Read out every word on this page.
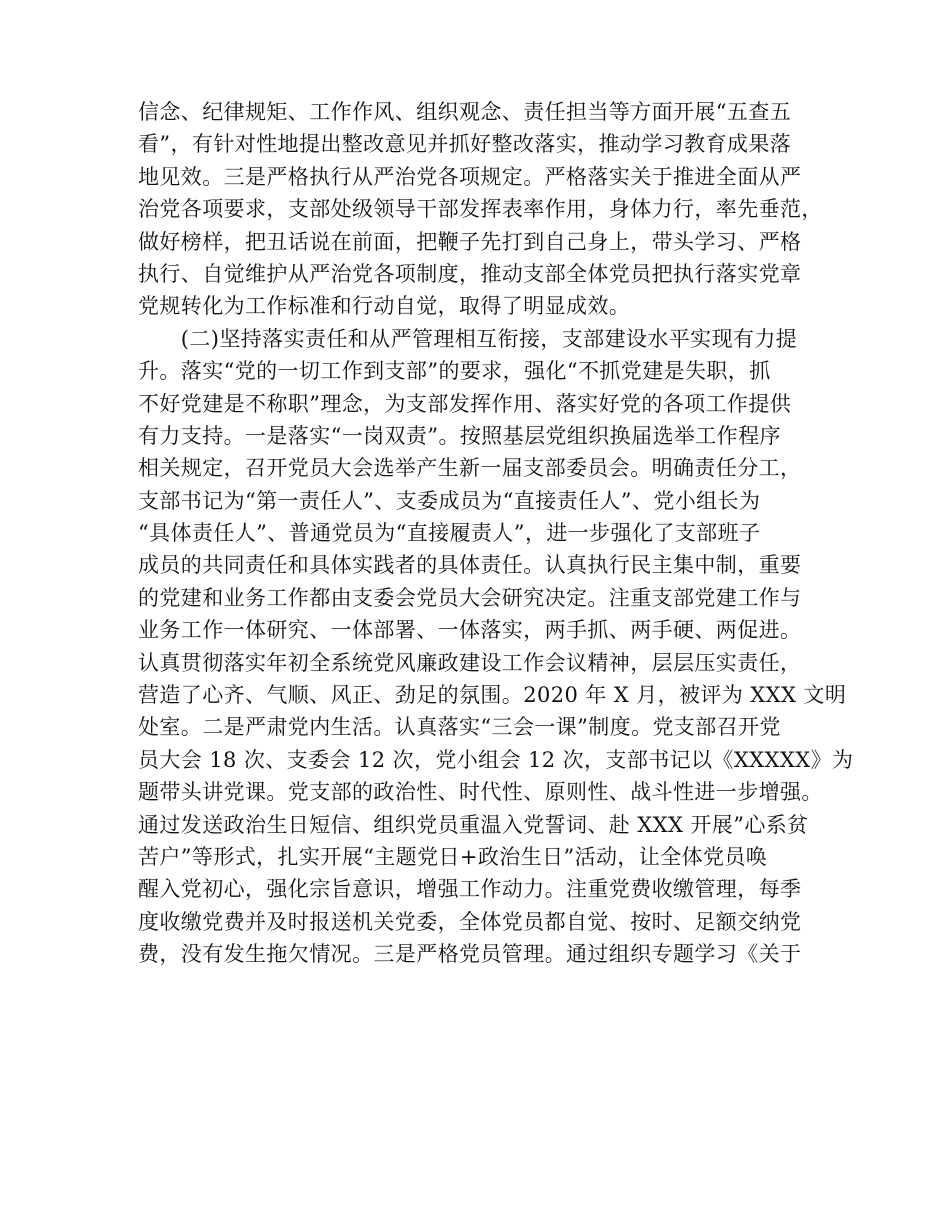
信念、纪律规矩、工作作风、组织观念、责任担当等方面开展“五查五
看”，有针对性地提出整改意见并抓好整改落实，推动学习教育成果落
地见效。三是严格执行从严治党各项规定。严格落实关于推进全面从严
治党各项要求，支部处级领导干部发挥表率作用，身体力行，率先垂范，
做好榜样，把丑话说在前面，把鞭子先打到自己身上，带头学习、严格
执行、自觉维护从严治党各项制度，推动支部全体党员把执行落实党章
党规转化为工作标准和行动自觉，取得了明显成效。
　　(二)坚持落实责任和从严管理相互衔接，支部建设水平实现有力提
升。落实“党的一切工作到支部”的要求，强化“不抓党建是失职，抓
不好党建是不称职”理念，为支部发挥作用、落实好党的各项工作提供
有力支持。一是落实“一岗双责”。按照基层党组织换届选举工作程序
相关规定，召开党员大会选举产生新一届支部委员会。明确责任分工，
支部书记为“第一责任人”、支委成员为“直接责任人”、党小组长为
“具体责任人”、普通党员为“直接履责人”，进一步强化了支部班子
成员的共同责任和具体实践者的具体责任。认真执行民主集中制，重要
的党建和业务工作都由支委会党员大会研究决定。注重支部党建工作与
业务工作一体研究、一体部署、一体落实，两手抓、两手硬、两促进。
认真贯彻落实年初全系统党风廉政建设工作会议精神，层层压实责任，
营造了心齐、气顺、风正、劲足的氛围。2020 年 X 月，被评为 XXX 文明
处室。二是严肃党内生活。认真落实“三会一课”制度。党支部召开党
员大会 18 次、支委会 12 次，党小组会 12 次，支部书记以《XXXXX》为
题带头讲党课。党支部的政治性、时代性、原则性、战斗性进一步增强。
通过发送政治生日短信、组织党员重温入党誓词、赴 XXX 开展”心系贫
苦户”等形式，扎实开展“主题党日+政治生日”活动，让全体党员唤
醒入党初心，强化宗旨意识，增强工作动力。注重党费收缴管理，每季
度收缴党费并及时报送机关党委，全体党员都自觉、按时、足额交纳党
费，没有发生拖欠情况。三是严格党员管理。通过组织专题学习《关于
